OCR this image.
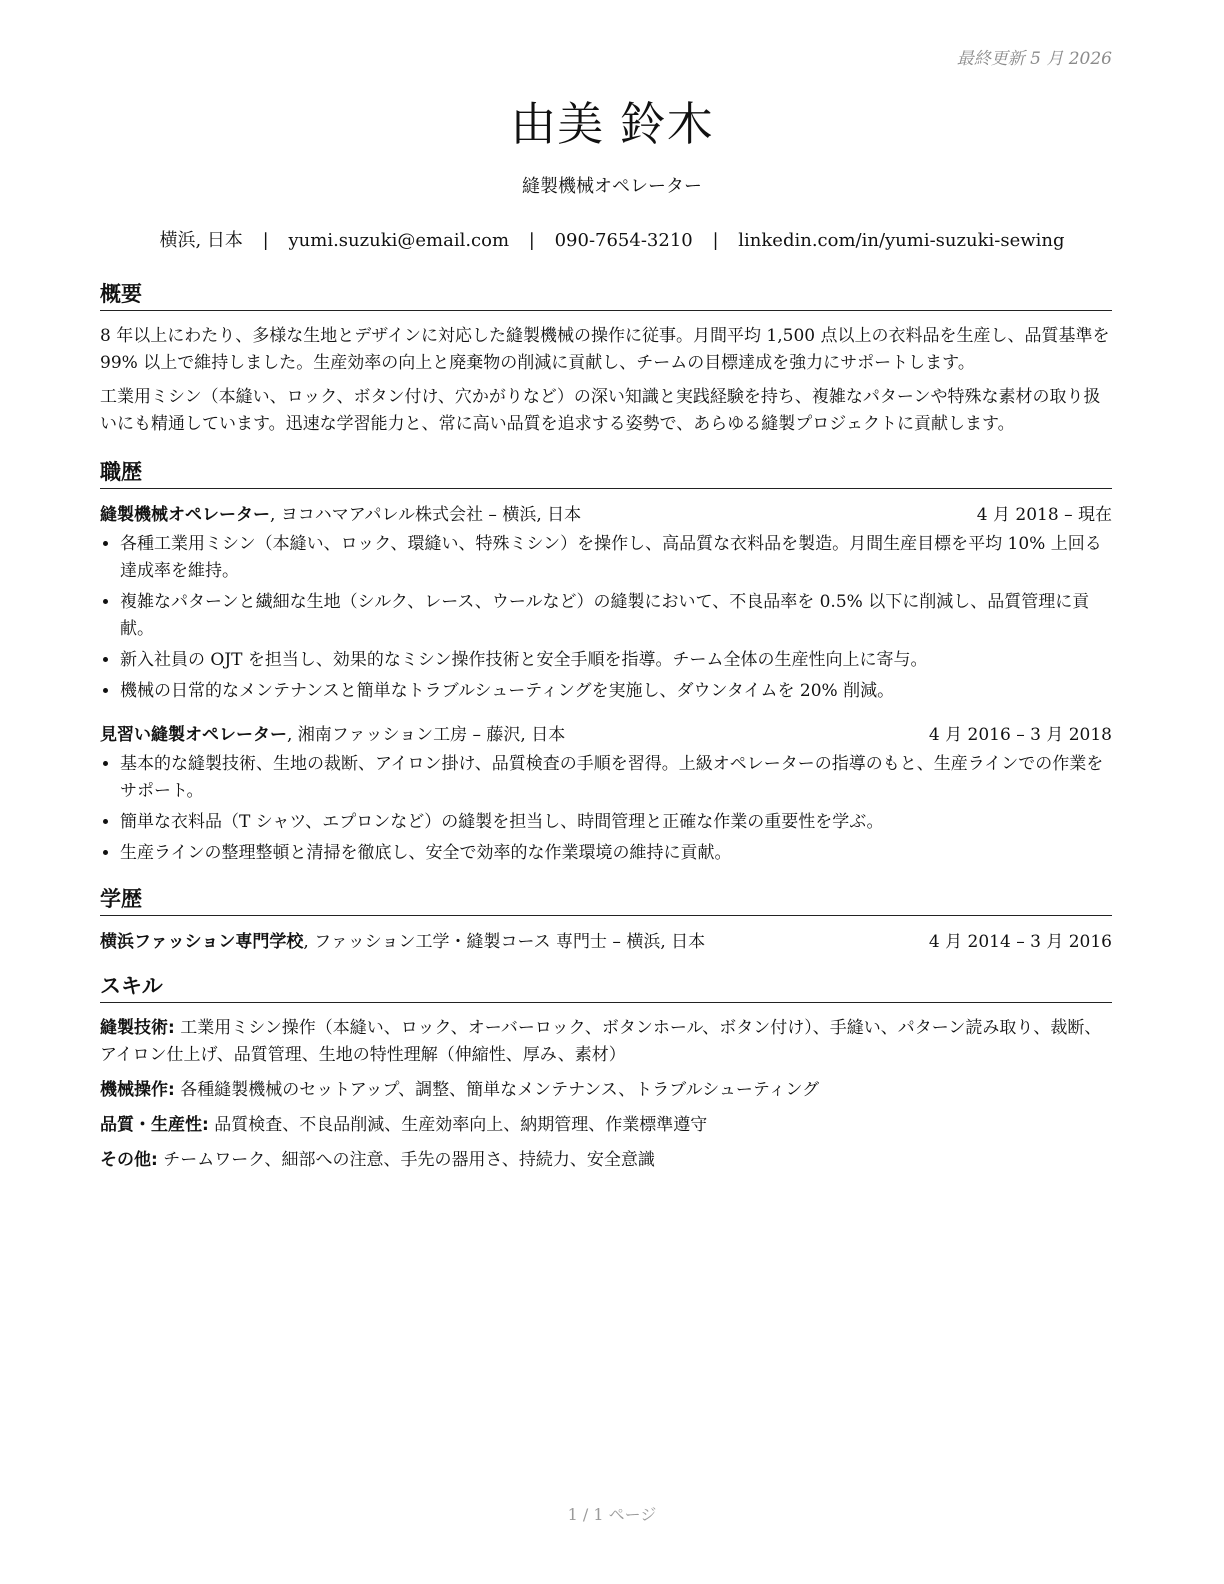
最終更新 5 月 2026
由美 鈴木
縫製機械オペレーター
横浜, 日本 | yumi.suzuki@email.com | 090-7654-3210 | linkedin.com/in/yumi-suzuki-sewing
概要

8 年以上にわたり、多様な生地とデザインに対応した縫製機械の操作に従事。月間平均 1,500 点以上の衣料品を生産し、品質基準を 99% 以上で維持しました。生産効率の向上と廃棄物の削減に貢献し、チームの目標達成を強力にサポートします。

工業用ミシン（本縫い、ロック、ボタン付け、穴かがりなど）の深い知識と実践経験を持ち、複雑なパターンや特殊な素材の取り扱いにも精通しています。迅速な学習能力と、常に高い品質を追求する姿勢で、あらゆる縫製プロジェクトに貢献します。

職歴
縫製機械オペレーター, ヨコハマアパレル株式会社 – 横浜, 日本	4 月 2018 – 現在
• 各種工業用ミシン（本縫い、ロック、環縫い、特殊ミシン）を操作し、高品質な衣料品を製造。月間生産目標を平均 10% 上回る達成率を維持。
• 複雑なパターンと繊細な生地（シルク、レース、ウールなど）の縫製において、不良品率を 0.5% 以下に削減し、品質管理に貢献。
• 新入社員の OJT を担当し、効果的なミシン操作技術と安全手順を指導。チーム全体の生産性向上に寄与。
• 機械の日常的なメンテナンスと簡単なトラブルシューティングを実施し、ダウンタイムを 20% 削減。
見習い縫製オペレーター, 湘南ファッション工房 – 藤沢, 日本	4 月 2016 – 3 月 2018
• 基本的な縫製技術、生地の裁断、アイロン掛け、品質検査の手順を習得。上級オペレーターの指導のもと、生産ラインでの作業をサポート。
• 簡単な衣料品（T シャツ、エプロンなど）の縫製を担当し、時間管理と正確な作業の重要性を学ぶ。
• 生産ラインの整理整頓と清掃を徹底し、安全で効率的な作業環境の維持に貢献。
学歴
横浜ファッション専門学校, ファッション工学・縫製コース 専門士 – 横浜, 日本	4 月 2014 – 3 月 2016
スキル
縫製技術: 工業用ミシン操作（本縫い、ロック、オーバーロック、ボタンホール、ボタン付け）、手縫い、パターン読み取り、裁断、アイロン仕上げ、品質管理、生地の特性理解（伸縮性、厚み、素材）
機械操作: 各種縫製機械のセットアップ、調整、簡単なメンテナンス、トラブルシューティング
品質・生産性: 品質検査、不良品削減、生産効率向上、納期管理、作業標準遵守
その他: チームワーク、細部への注意、手先の器用さ、持続力、安全意識
1 / 1 ページ
